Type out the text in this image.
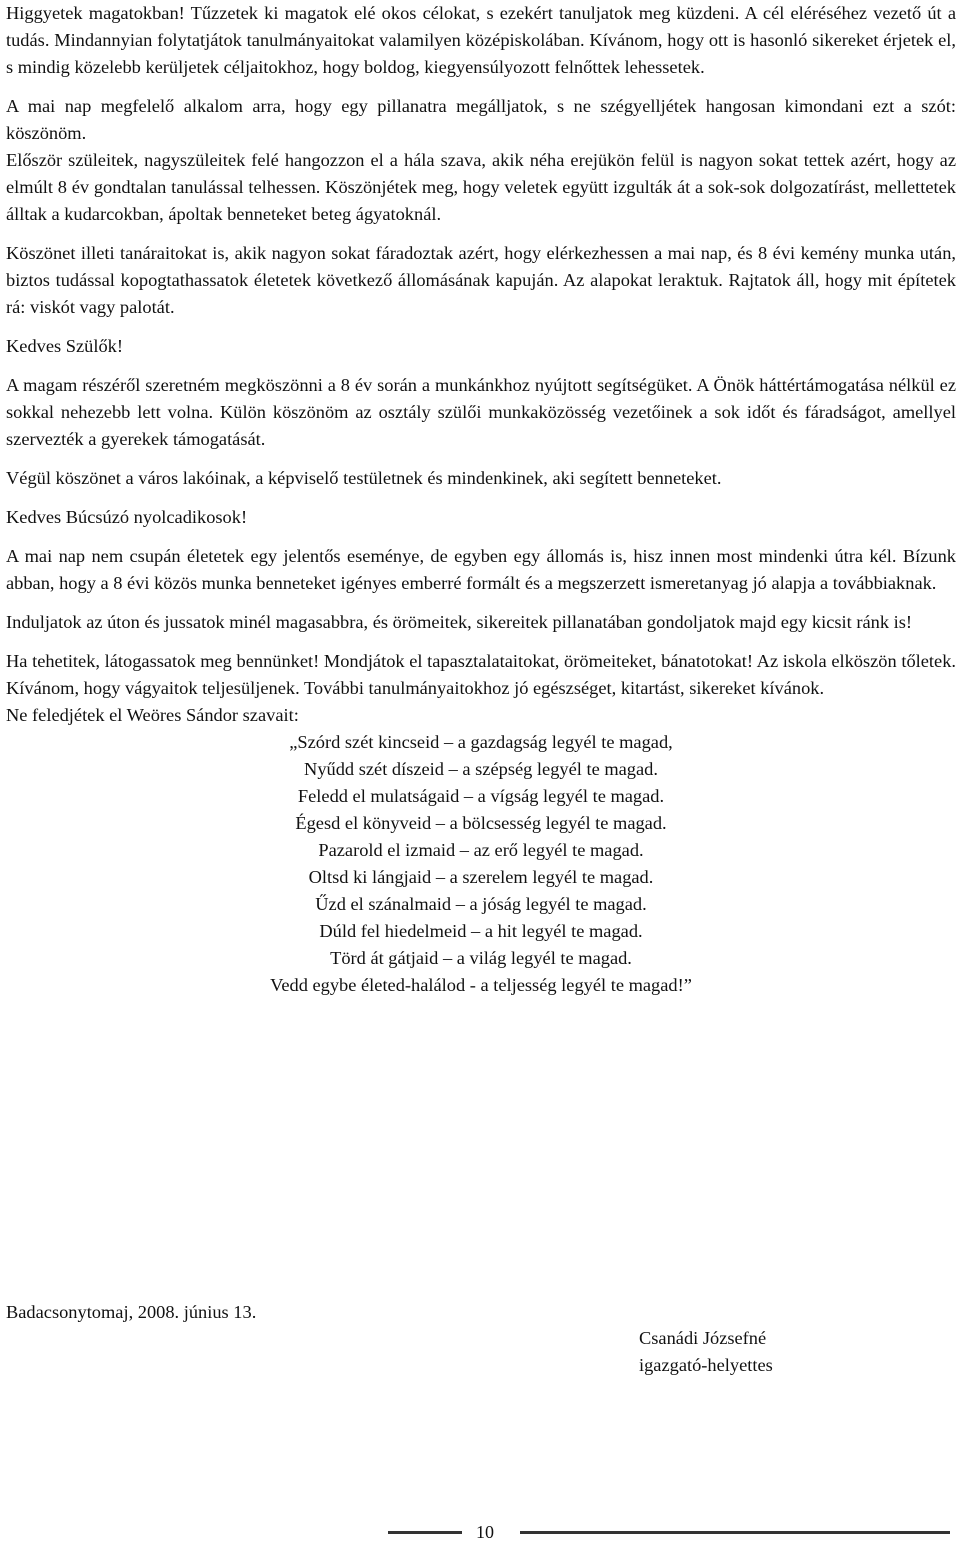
Higgyetek magatokban! Tűzzetek ki magatok elé okos célokat, s ezekért tanuljatok meg küzdeni. A cél eléréséhez vezető út a tudás. Mindannyian folytatjátok tanulmányaitokat valamilyen középiskolában. Kívánom, hogy ott is hasonló sikereket érjetek el, s mindig közelebb kerüljetek céljaitokhoz, hogy boldog, kiegyensúlyozott felnőttek lehessetek.

A mai nap megfelelő alkalom arra, hogy egy pillanatra megálljatok, s ne szégyelljétek hangosan kimondani ezt a szót: köszönöm.

Először szüleitek, nagyszüleitek felé hangozzon el a hála szava, akik néha erejükön felül is nagyon sokat tettek azért, hogy az elmúlt 8 év gondtalan tanulással telhessen. Köszönjétek meg, hogy veletek együtt izgulták át a sok-sok dolgozatírást, mellettetek álltak a kudarcokban, ápoltak benneteket beteg ágyatoknál.

Köszönet illeti tanáraitokat is, akik nagyon sokat fáradoztak azért, hogy elérkezhessen a mai nap, és 8 évi kemény munka után, biztos tudással kopogtathassatok életetek következő állomásának kapuján. Az alapokat leraktuk. Rajtatok áll, hogy mit építetek rá: viskót vagy palotát.

Kedves Szülők!

A magam részéről szeretném megköszönni a 8 év során a munkánkhoz nyújtott segítségüket. A Önök háttértámogatása nélkül ez sokkal nehezebb lett volna. Külön köszönöm az osztály szülői munkaközösség vezetőinek a sok időt és fáradságot, amellyel szervezték a gyerekek támogatását.

Végül köszönet a város lakóinak, a képviselő testületnek és mindenkinek, aki segített benneteket.

Kedves Búcsúzó nyolcadikosok!

A mai nap nem csupán életetek egy jelentős eseménye, de egyben egy állomás is, hisz innen most mindenki útra kél. Bízunk abban, hogy a 8 évi közös munka benneteket igényes emberré formált és a megszerzett ismeretanyag jó alapja a továbbiaknak.

Induljatok az úton és jussatok minél magasabbra, és örömeitek, sikereitek pillanatában gondoljatok majd egy kicsit ránk is!

Ha tehetitek, látogassatok meg bennünket! Mondjátok el tapasztalataitokat, örömeiteket, bánatotokat! Az iskola elköszön tőletek. Kívánom, hogy vágyaitok teljesüljenek. További tanulmányaitokhoz jó egészséget, kitartást, sikereket kívánok.

Ne feledjétek el Weöres Sándor szavait:

„Szórd szét kincseid – a gazdagság legyél te magad,
Nyűdd szét díszeid – a szépség legyél te magad.
Feledd el mulatságaid – a vígság legyél te magad.
Égesd el könyveid – a bölcsesség legyél te magad.
Pazarold el izmaid – az erő legyél te magad.
Oltsd ki lángjaid – a szerelem legyél te magad.
Űzd el szánalmaid – a jóság legyél te magad.
Dúld fel hiedelmeid – a hit legyél te magad.
Törd át gátjaid – a világ legyél te magad.
Vedd egybe életed-halálod - a teljesség legyél te magad!”
Badacsonytomaj, 2008. június 13.
Csanádi Józsefné
igazgató-helyettes
10
